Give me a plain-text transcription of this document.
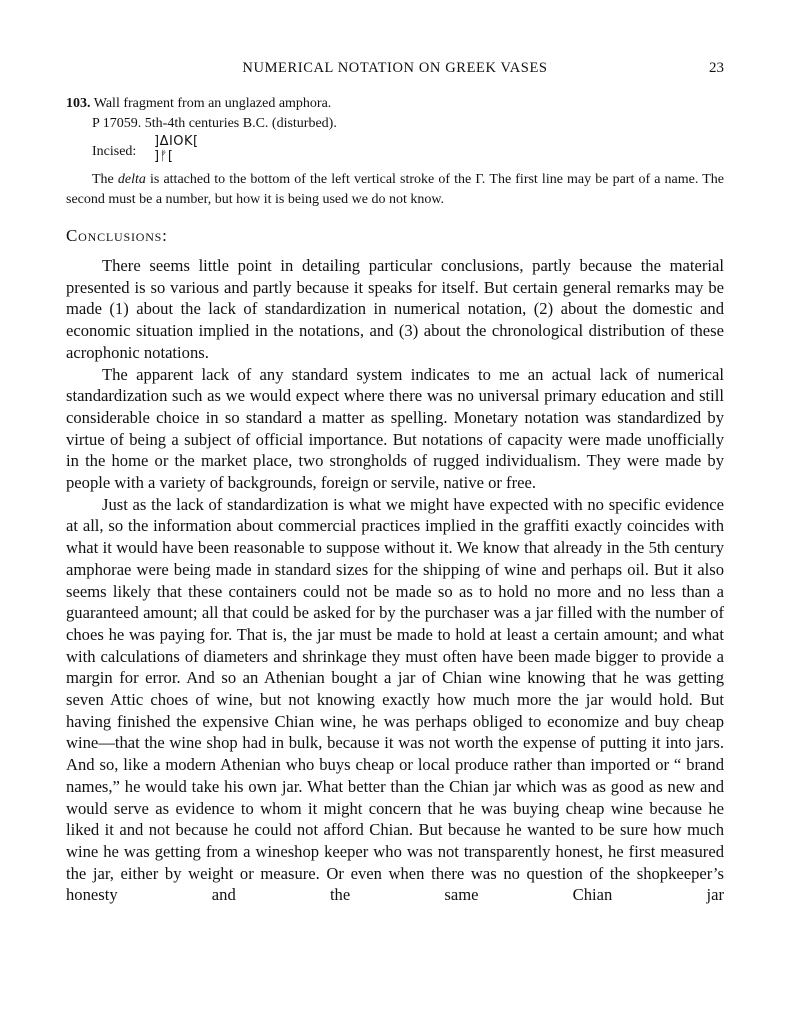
NUMERICAL NOTATION ON GREEK VASES	23
103. Wall fragment from an unglazed amphora.
P 17059. 5th-4th centuries B.C. (disturbed).
Incised:
]ΔΙΟΚ[
]ᚠ[
The delta is attached to the bottom of the left vertical stroke of the Γ. The first line may be part of a name. The second must be a number, but how it is being used we do not know.
Conclusions:

There seems little point in detailing particular conclusions, partly because the material presented is so various and partly because it speaks for itself. But certain general remarks may be made (1) about the lack of standardization in numerical notation, (2) about the domestic and economic situation implied in the notations, and (3) about the chronological distribution of these acrophonic notations.

The apparent lack of any standard system indicates to me an actual lack of numerical standardization such as we would expect where there was no universal primary education and still considerable choice in so standard a matter as spelling. Monetary notation was standardized by virtue of being a subject of official importance. But notations of capacity were made unofficially in the home or the market place, two strongholds of rugged individualism. They were made by people with a variety of backgrounds, foreign or servile, native or free.

Just as the lack of standardization is what we might have expected with no specific evidence at all, so the information about commercial practices implied in the graffiti exactly coincides with what it would have been reasonable to suppose without it. We know that already in the 5th century amphorae were being made in standard sizes for the shipping of wine and perhaps oil. But it also seems likely that these containers could not be made so as to hold no more and no less than a guaranteed amount; all that could be asked for by the purchaser was a jar filled with the number of choes he was paying for. That is, the jar must be made to hold at least a certain amount; and what with calculations of diameters and shrinkage they must often have been made bigger to provide a margin for error. And so an Athenian bought a jar of Chian wine knowing that he was getting seven Attic choes of wine, but not knowing exactly how much more the jar would hold. But having finished the expensive Chian wine, he was perhaps obliged to economize and buy cheap wine—that the wine shop had in bulk, because it was not worth the expense of putting it into jars. And so, like a modern Athenian who buys cheap or local produce rather than imported or “ brand names,” he would take his own jar. What better than the Chian jar which was as good as new and would serve as evidence to whom it might concern that he was buying cheap wine because he liked it and not because he could not afford Chian. But because he wanted to be sure how much wine he was getting from a wineshop keeper who was not transparently honest, he first measured the jar, either by weight or measure. Or even when there was no question of the shopkeeper’s honesty and the same Chian jar
